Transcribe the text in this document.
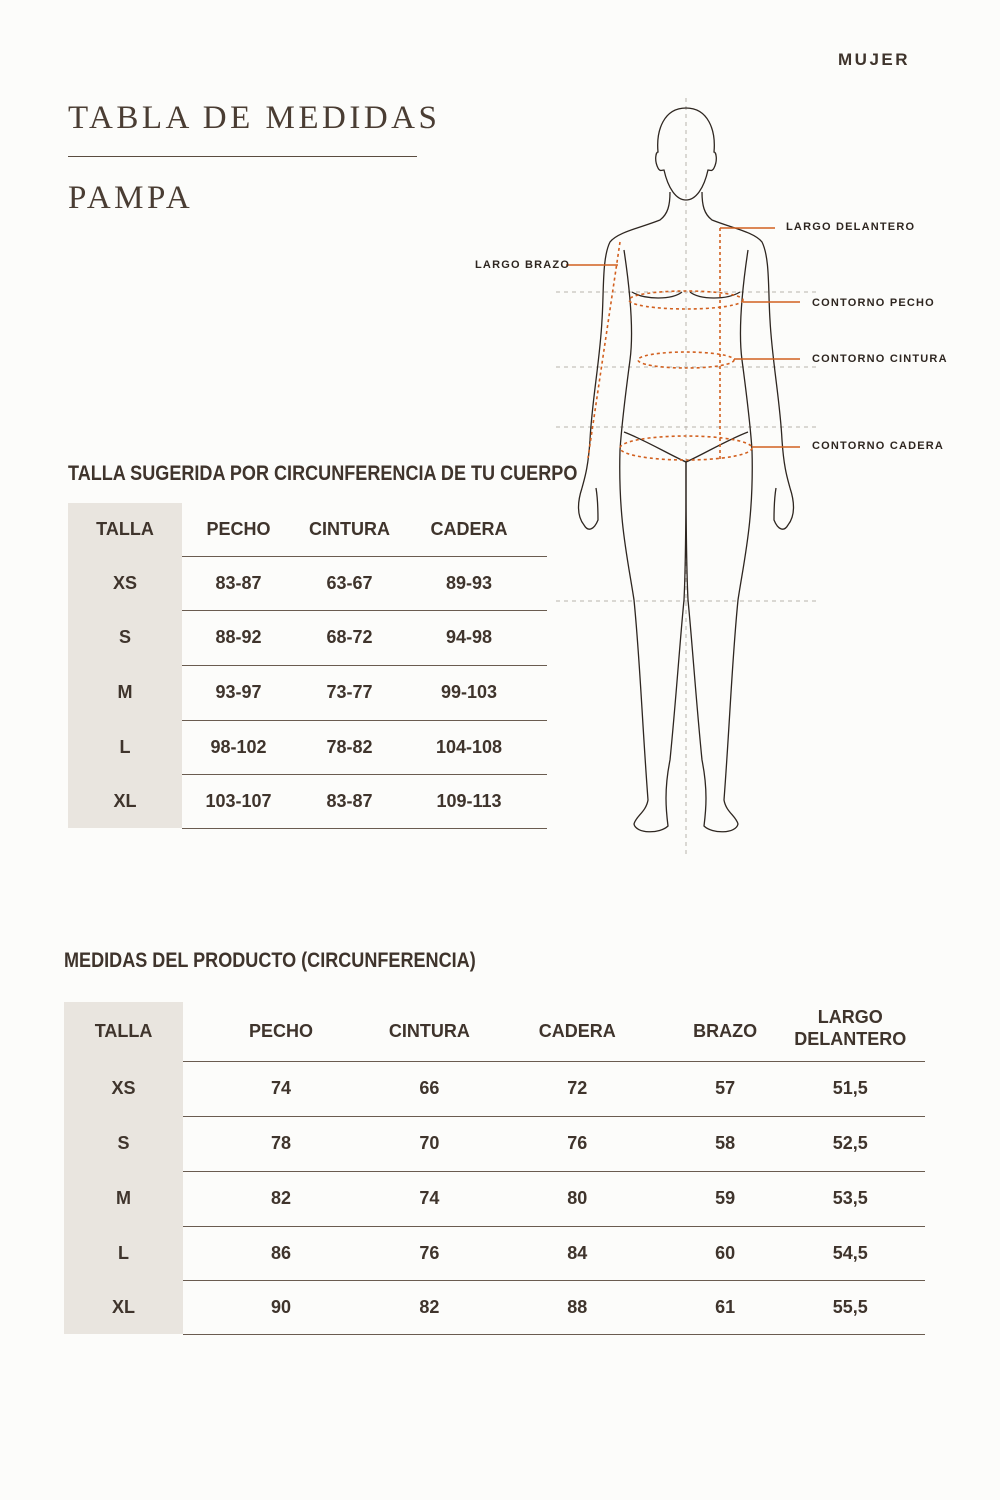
MUJER
TABLA DE MEDIDAS
PAMPA
LARGO DELANTERO
LARGO BRAZO
CONTORNO PECHO
CONTORNO CINTURA
CONTORNO CADERA
TALLA SUGERIDA POR CIRCUNFERENCIA DE TU CUERPO
TALLA	PECHO	CINTURA	CADERA	
XS	83-87	63-67	89-93	
S	88-92	68-72	94-98	
M	93-97	73-77	99-103	
L	98-102	78-82	104-108	
XL	103-107	83-87	109-113	
MEDIDAS DEL PRODUCTO (CIRCUNFERENCIA)
TALLA	PECHO	CINTURA	CADERA	BRAZO	LARGO DELANTERO
XS	74	66	72	57	51,5
S	78	70	76	58	52,5
M	82	74	80	59	53,5
L	86	76	84	60	54,5
XL	90	82	88	61	55,5
